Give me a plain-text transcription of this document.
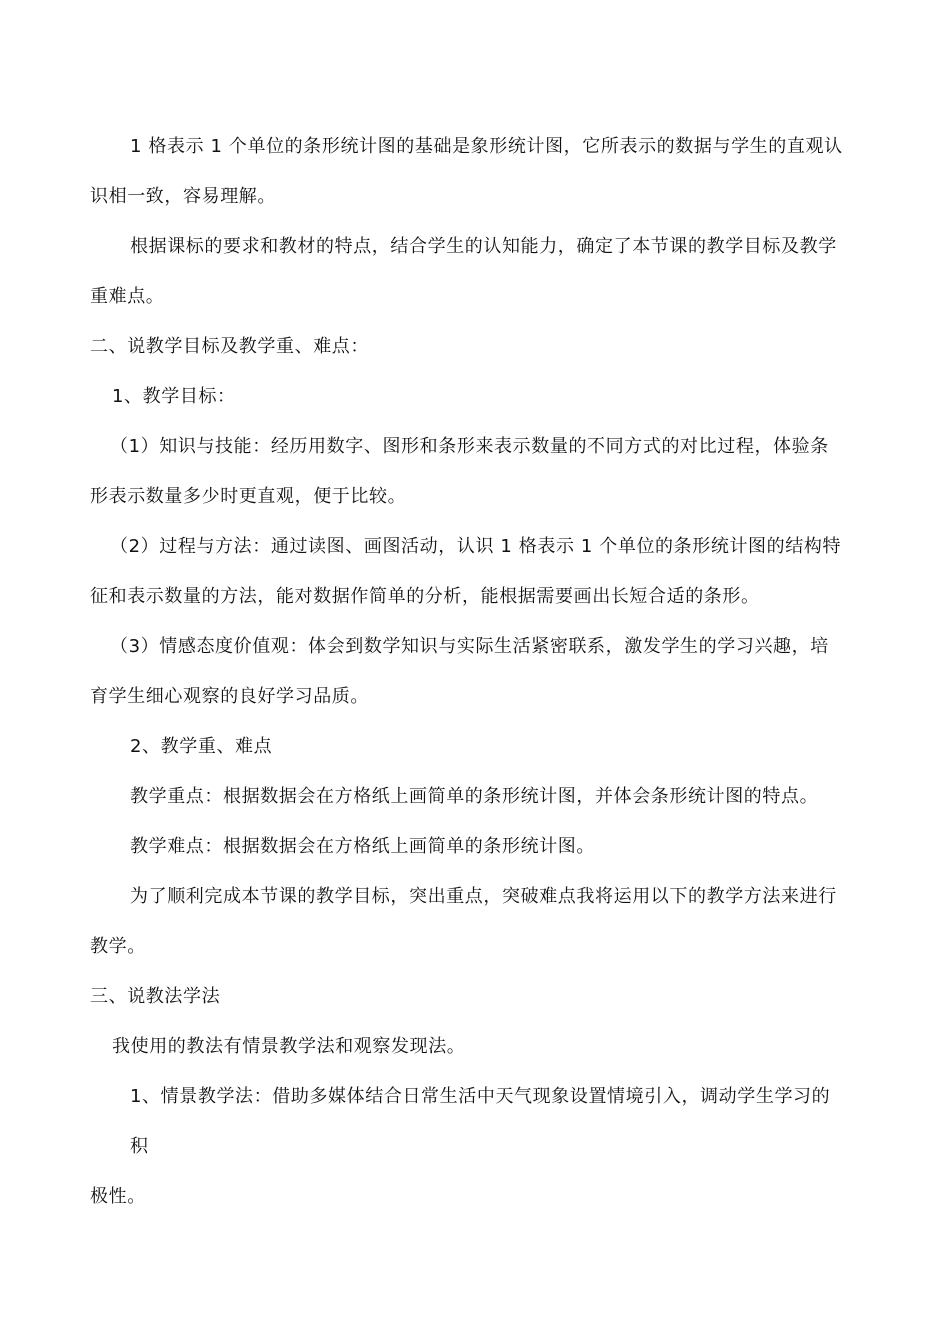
1 格表示 1 个单位的条形统计图的基础是象形统计图，它所表示的数据与学生的直观认
识相一致，容易理解。
根据课标的要求和教材的特点，结合学生的认知能力，确定了本节课的教学目标及教学
重难点。
二、说教学目标及教学重、难点：
1、教学目标：
（1）知识与技能：经历用数字、图形和条形来表示数量的不同方式的对比过程，体验条
形表示数量多少时更直观，便于比较。
（2）过程与方法：通过读图、画图活动，认识 1 格表示 1 个单位的条形统计图的结构特
征和表示数量的方法，能对数据作简单的分析，能根据需要画出长短合适的条形。
（3）情感态度价值观：体会到数学知识与实际生活紧密联系，激发学生的学习兴趣，培
育学生细心观察的良好学习品质。
2、教学重、难点
教学重点：根据数据会在方格纸上画简单的条形统计图，并体会条形统计图的特点。
教学难点：根据数据会在方格纸上画简单的条形统计图。
为了顺利完成本节课的教学目标，突出重点，突破难点我将运用以下的教学方法来进行
教学。
三、说教法学法
我使用的教法有情景教学法和观察发现法。
1、情景教学法：借助多媒体结合日常生活中天气现象设置情境引入，调动学生学习的
积
极性。
